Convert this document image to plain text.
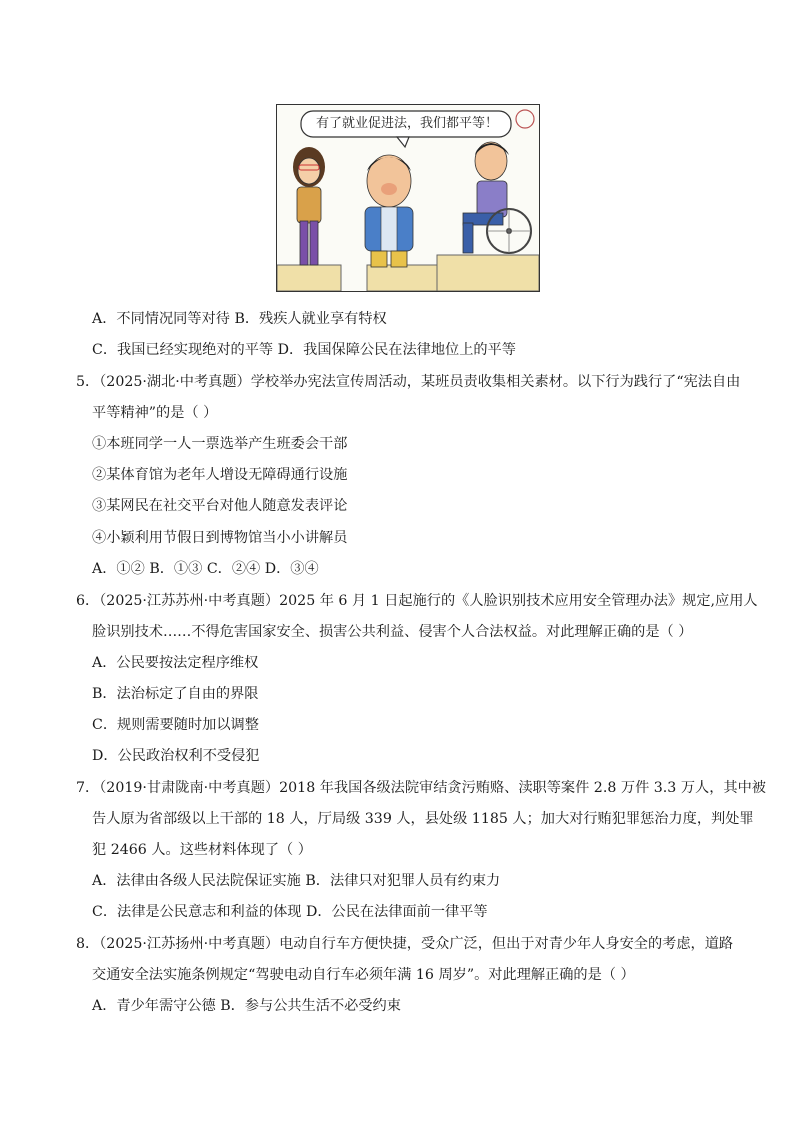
有了就业促进法，我们都平等！
A．不同情况同等对待 B．残疾人就业享有特权
C．我国已经实现绝对的平等 D．我国保障公民在法律地位上的平等
5．（2025·湖北·中考真题）学校举办宪法宣传周活动，某班员责收集相关素材。以下行为践行了“宪法自由
平等精神”的是（ ）
①本班同学一人一票选举产生班委会干部
②某体育馆为老年人增设无障碍通行设施
③某网民在社交平台对他人随意发表评论
④小颖利用节假日到博物馆当小小讲解员
A．①② B．①③ C．②④ D．③④
6．（2025·江苏苏州·中考真题）2025 年 6 月 1 日起施行的《人脸识别技术应用安全管理办法》规定,应用人
脸识别技术……不得危害国家安全、损害公共利益、侵害个人合法权益。对此理解正确的是（ ）
A．公民要按法定程序维权
B．法治标定了自由的界限
C．规则需要随时加以调整
D．公民政治权利不受侵犯
7．（2019·甘肃陇南·中考真题）2018 年我国各级法院审结贪污贿赂、渎职等案件 2.8 万件 3.3 万人，其中被
告人原为省部级以上干部的 18 人，厅局级 339 人，县处级 1185 人；加大对行贿犯罪惩治力度，判处罪
犯 2466 人。这些材料体现了（ ）
A．法律由各级人民法院保证实施 B．法律只对犯罪人员有约束力
C．法律是公民意志和利益的体现 D．公民在法律面前一律平等
8．（2025·江苏扬州·中考真题）电动自行车方便快捷，受众广泛，但出于对青少年人身安全的考虑，道路
交通安全法实施条例规定“驾驶电动自行车必须年满 16 周岁”。对此理解正确的是（ ）
A．青少年需守公德 B．参与公共生活不必受约束
